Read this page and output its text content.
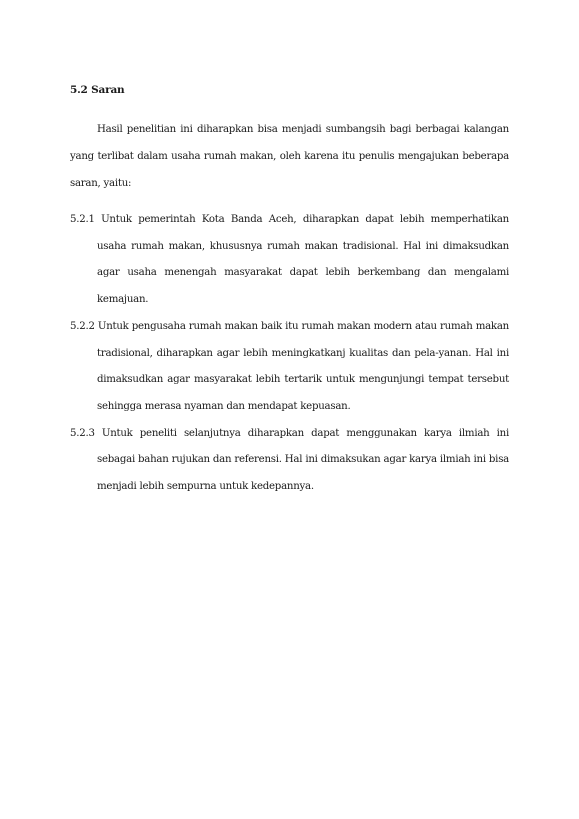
5.2 Saran

Hasil penelitian ini diharapkan bisa menjadi sumbangsih bagi berbagai kalangan yang terlibat dalam usaha rumah makan, oleh karena itu penulis mengajukan beberapa saran, yaitu:

5.2.1 Untuk pemerintah Kota Banda Aceh, diharapkan dapat lebih memperhatikan usaha rumah makan, khususnya rumah makan tradisional. Hal ini dimaksudkan agar usaha menengah masyarakat dapat lebih berkembang dan mengalami kemajuan.
5.2.2 Untuk pengusaha rumah makan baik itu rumah makan modern atau rumah makan tradisional, diharapkan agar lebih meningkatkanj kualitas dan pela-yanan. Hal ini dimaksudkan agar masyarakat lebih tertarik untuk mengunjungi tempat tersebut sehingga merasa nyaman dan mendapat kepuasan.
5.2.3 Untuk peneliti selanjutnya diharapkan dapat menggunakan karya ilmiah ini sebagai bahan rujukan dan referensi. Hal ini dimaksukan agar karya ilmiah ini bisa menjadi lebih sempurna untuk kedepannya.
